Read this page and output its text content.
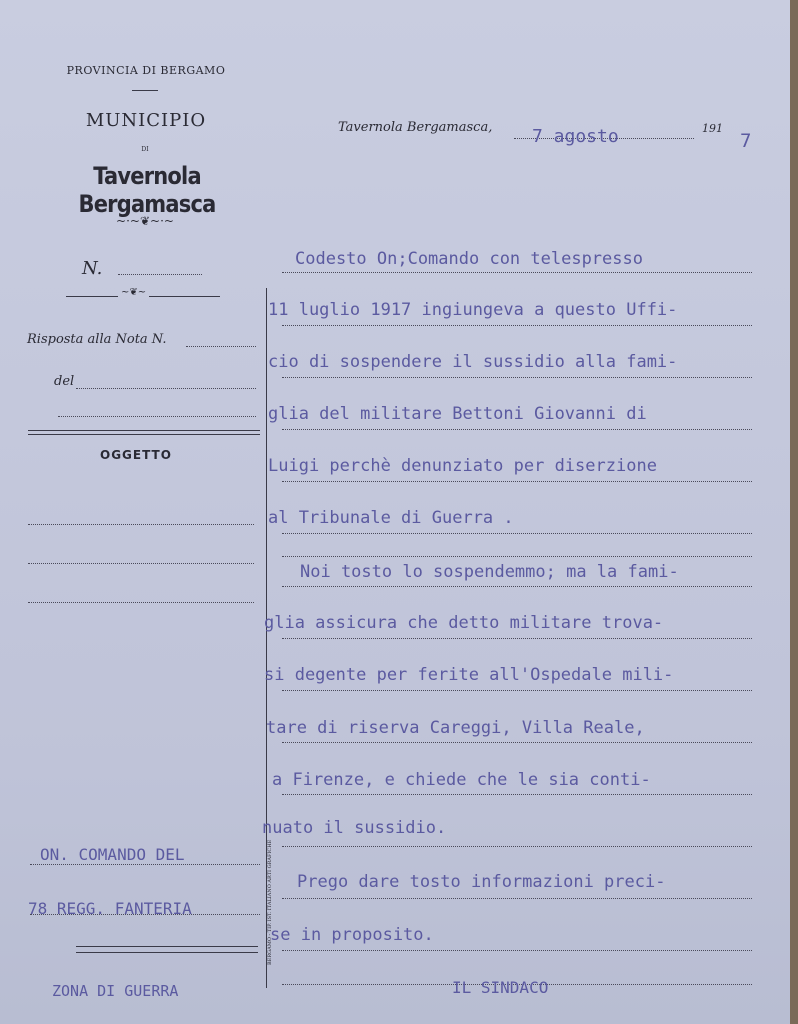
PROVINCIA DI BERGAMO
MUNICIPIO
DI
Tavernola Bergamasca
~·~❦~·~
N.
~❦~
Risposta alla Nota N.
del
OGGETTO
BERGAMO - TIP. IST. ITALIANO ARTI GRAFICHE
Tavernola Bergamasca, 7 agosto	191
7
Codesto On;Comando con telespresso
11 luglio 1917 ingiungeva a questo Uffi-
cio di sospendere il sussidio alla fami-
glia del militare Bettoni Giovanni di
Luigi perchè denunziato per diserzione
al Tribunale di Guerra .
Noi tosto lo sospendemmo; ma la fami-
glia assicura che detto militare trova-
si degente per ferite all'Ospedale mili-
tare di riserva Careggi, Villa Reale,
a Firenze, e chiede che le sia conti-
nuato il sussidio.
Prego dare tosto informazioni preci-
se in proposito.
ON. COMANDO DEL
78 REGG. FANTERIA
ZONA DI GUERRA	IL SINDACO
